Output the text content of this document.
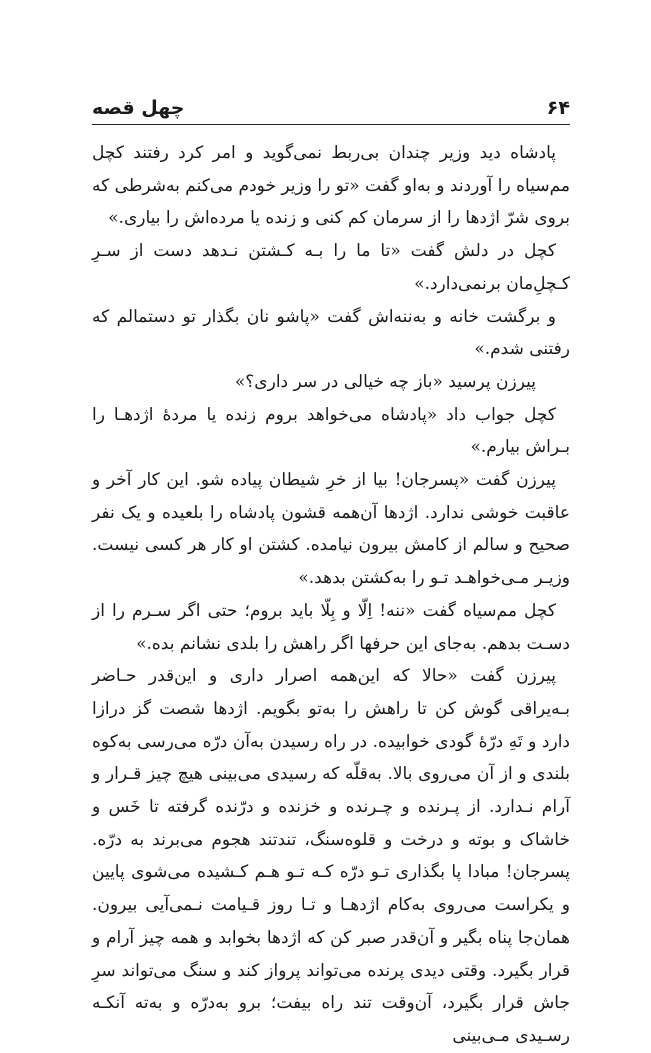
۶۴
چهل قصه

پادشاه دید وزیر چندان بی‌ربط نمی‌گوید و امر کرد رفتند کچل مم‌سیاه را آوردند و به‌او گفت «تو را وزیر خودم می‌کنم به‌شرطی که بروی شرّ اژدها را از سرمان کم کنی و زنده یا مرده‌اش را بیاری.»

کچل در دلش گفت «تا ما را بـه کـشتن نـدهد دست از سـرِ کـچلِ‌مان برنمی‌دارد.»

و برگشت خانه و به‌ننه‌اش گفت «پاشو نان بگذار تو دستمالم که رفتنی شدم.»

پیرزن پرسید «باز چه خیالی در سر داری؟»

کچل جواب داد «پادشاه می‌خواهد بروم زنده یا مردهٔ اژدهـا را بـراش بیارم.»

پیرزن گفت «پسرجان! بیا از خرِ شیطان پیاده شو. این کار آخر و عاقبت خوشی ندارد. اژدها آن‌همه قشون پادشاه را بلعیده و یک نفر صحیح و سالم از کامش بیرون نیامده. کشتن او کار هر کسی نیست. وزیـر مـی‌خواهـد تـو را به‌کشتن بدهد.»

کچل مم‌سیاه گفت «ننه! اِلّا و بِلّا باید بروم؛ حتی اگر سـرم را از دسـت بدهم. به‌جای این حرفها اگر راهش را بلدی نشانم بده.»

پیرزن گفت «حالا که این‌همه اصرار داری و این‌قدر حـاضر بـه‌یراقی گوش کن تا راهش را به‌تو بگویم. اژدها شصت گز درازا دارد و تَهِ درّهٔ گودی خوابیده. در راه رسیدن به‌آن درّه می‌رسی به‌کوه بلندی و از آن می‌روی بالا. به‌قلّه که رسیدی می‌بینی هیچ چیز قـرار و آرام نـدارد. از پـرنده و چـرنده و خزنده و درّنده گرفته تا خَس و خاشاک و بوته و درخت و قلوه‌سنگ، تندتند هجوم می‌برند به درّه. پسرجان! مبادا پا بگذاری تـو درّه کـه تـو هـم کـشیده می‌شوی پایین و یکراست می‌روی به‌کام اژدهـا و تـا روز قـیامت نـمی‌آیی بیرون. همان‌جا پناه بگیر و آن‌قدر صبر کن که اژدها بخوابد و همه چیز آرام و قرار بگیرد. وقتی دیدی پرنده می‌تواند پرواز کند و سنگ می‌تواند سرِ جاش قرار بگیرد، آن‌وقت تند راه بیفت؛ برو به‌درّه و به‌ته آنکـه رسـیدی مـی‌بینی
